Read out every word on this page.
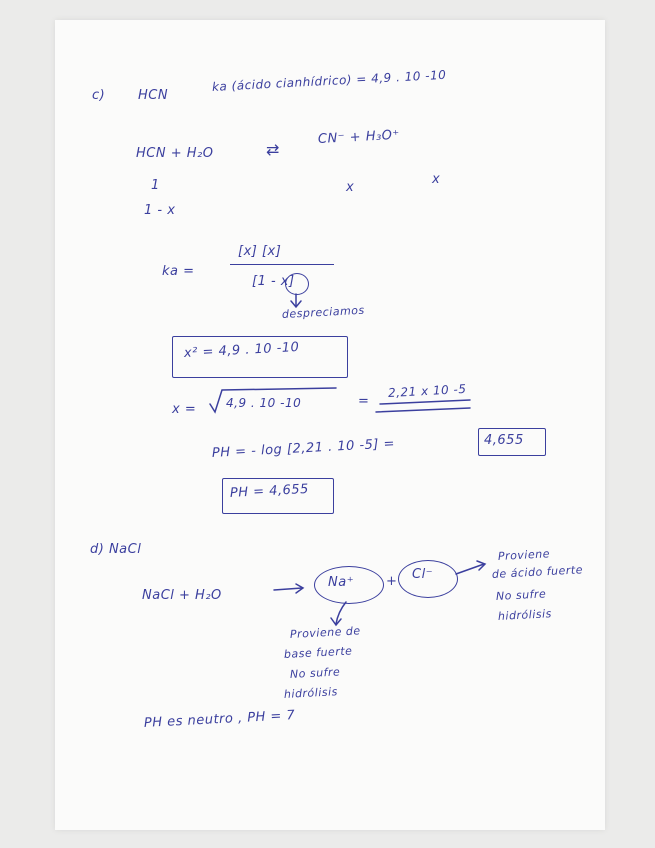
c)	HCN
ka (ácido cianhídrico) = 4,9 . 10 -10
HCN + H₂O	⇄
CN⁻ + H₃O⁺
1	x
x
1 - x
ka =
[x] [x]
[1 - x]
despreciamos
x² = 4,9 . 10 -10
x = 4,9 . 10 -10	=
2,21 x 10 -5
PH = - log [2,21 . 10 -5] =	4,655
PH = 4,655
d) NaCl
NaCl + H₂O
Na⁺ + Cl⁻
Proviene
de ácido fuerte
No sufre
hidrólisis
Proviene de
base fuerte
No sufre
hidrólisis
PH es neutro , PH = 7
